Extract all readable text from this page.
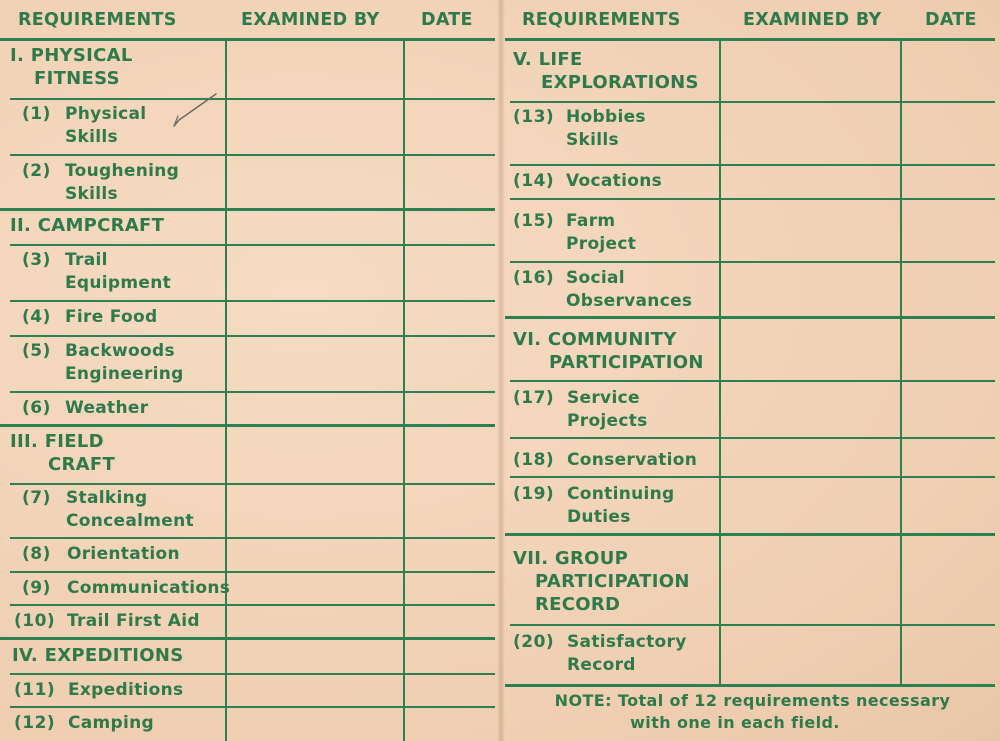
REQUIREMENTS	EXAMINED BY DATE
I. PHYSICAL
FITNESS
(1) Physical
Skills
(2) Toughening
Skills
II. CAMPCRAFT
(3) Trail
Equipment
(4) Fire Food
(5) Backwoods
Engineering
(6) Weather
III. FIELD
CRAFT
(7) Stalking
Concealment
(8) Orientation
(9) Communications
(10) Trail First Aid
IV. EXPEDITIONS
(11) Expeditions
(12) Camping
REQUIREMENTS	EXAMINED BY DATE
V. LIFE
EXPLORATIONS
(13) Hobbies
Skills
(14) Vocations
(15) Farm
Project
(16) Social
Observances
VI. COMMUNITY
PARTICIPATION
(17) Service
Projects
(18) Conservation
(19) Continuing
Duties
VII. GROUP
PARTICIPATION
RECORD
(20) Satisfactory
Record
NOTE: Total of 12 requirements necessary
with one in each field.
